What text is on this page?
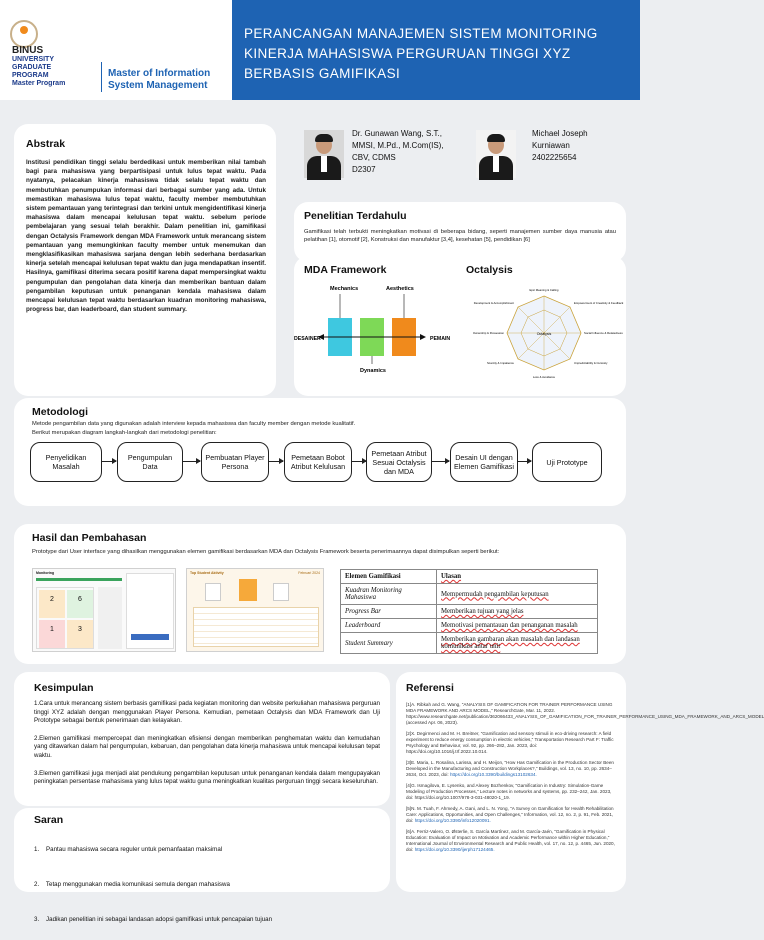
BINUS
UNIVERSITY
GRADUATE
PROGRAM
Master Program
Master of Information
System Management
PERANCANGAN MANAJEMEN SISTEM MONITORING KINERJA MAHASISWA PERGURUAN TINGGI XYZ BERBASIS GAMIFIKASI
Abstrak

Institusi pendidikan tinggi selalu berdedikasi untuk memberikan nilai tambah bagi para mahasiswa yang berpartisipasi untuk lulus tepat waktu. Pada nyatanya, pelacakan kinerja mahasiswa tidak selalu tepat waktu dan membutuhkan penumpukan informasi dari berbagai sumber yang ada. Untuk memastikan mahasiswa lulus tepat waktu, faculty member membutuhkan sistem pemantauan yang terintegrasi dan terkini untuk mengidentifikasi kinerja mahasiswa dalam mencapai kelulusan tepat waktu. sebelum periode pembelajaran yang sesuai telah berakhir. Dalam penelitian ini, gamifikasi dengan Octalysis Framework dengan MDA Framework untuk merancang sistem pemantauan yang memungkinkan faculty member untuk menemukan dan mengklasifikasikan mahasiswa sarjana dengan lebih sederhana berdasarkan kinerja setelah mencapai kelulusan tepat waktu dan juga mendapatkan insentif. Hasilnya, gamifikasi diterima secara positif karena dapat mempersingkat waktu pengumpulan dan pengolahan data kinerja dan memberikan bantuan dalam pengambilan keputusan untuk penanganan kendala mahasiswa dalam mencapai kelulusan tepat waktu berdasarkan kuadran monitoring mahasiswa, progress bar, dan leaderboard, dan student summary.

Dr. Gunawan Wang, S.T.,
MMSI, M.Pd., M.Com(IS),
CBV, CDMS
D2307
Michael Joseph
Kurniawan
2402225654
Penelitian Terdahulu

Gamifikasi telah terbukti meningkatkan motivasi di beberapa bidang, seperti manajemen sumber daya manusia atau pelatihan [1], otomotif [2], Konstruksi dan manufaktur [3,4], kesehatan [5], pendidikan [6]

MDA Framework	Octalysis
Mechanics	Aesthetics
DESAINER	PEMAIN
Dynamics
Octalysis
Epic Meaning & Calling
Empowerment of Creativity & Feedback
Social Influence & Relatedness
Unpredictability & Curiosity
Loss & Avoidance
Scarcity & Impatience
Ownership & Possession
Development & Accomplishment
Metodologi

Metode pengambilan data yang digunakan adalah interview kepada mahasiswa dan faculty member dengan metode kualitatif.

Berikut merupakan diagram langkah-langkah dari metodologi penelitian:

Penyelidikan Masalah
Pengumpulan Data
Pembuatan Player Persona
Pemetaan Bobot Atribut Kelulusan
Pemetaan Atribut Sesuai Octalysis dan MDA
Desain UI dengan Elemen Gamifikasi	Uji Prototype
Hasil dan Pembahasan

Prototype dari User interface yang dihasilkan menggunakan elemen gamifikasi berdasarkan MDA dan Octalysis Framework beserta penerimaannya dapat disimpulkan seperti berikut:

Monitoring
2	6
1	3
Top Student Aktivity	Februari 2024	Elemen Gamifikasi	Ulasan
Kuadran Monitoring Mahasiswa	Mempermudah pengambilan keputusan
Progress Bar	Memberikan tujuan yang jelas
Leaderboard	Memotivasi pemantauan dan penanganan masalah
Student Summary	Memberikan gambaran akan masalah dan landasan komunikasi antar unit
Kesimpulan

1.Cara untuk merancang sistem berbasis gamifikasi pada kegiatan monitoring dan website perkuliahan mahasiswa perguruan tinggi XYZ adalah dengan menggunakan Player Persona. Kemudian, pemetaan Octalysis dan MDA Framework dan Uji Prototype sebagai bentuk penerimaan dan kelayakan.

2.Elemen gamifikasi mempercepat dan meningkatkan efisiensi dengan memberikan penghematan waktu dan kemudahan yang ditawarkan dalam hal pengumpulan, kebaruan, dan pengolahan data kinerja mahasiswa untuk mencapai kelulusan tepat waktu.

3.Elemen gamifikasi juga menjadi alat pendukung pengambilan keputusan untuk penanganan kendala dalam mengupayakan peningkatan persentase mahasiswa yang lulus tepat waktu guna meningkatkan kualitas perguruan tinggi secara keseluruhan.

Saran

1.    Pantau mahasiswa secara reguler untuk pemanfaatan maksimal

2.    Tetap menggunakan media komunikasi semula dengan mahasiswa

3.    Jadikan penelitian ini sebagai landasan adopsi gamifikasi untuk pencapaian tujuan

Referensi

[1]A. Ribkah and G. Wang, "ANALYSIS OF GAMIFICATION FOR TRAINER PERFORMANCE USING MDA FRAMEWORK AND ARCS MODEL," ResearchGate, Mar. 11, 2022. https://www.researchgate.net/publication/362066433_ANALYSIS_OF_GAMIFICATION_FOR_TRAINER_PERFORMANCE_USING_MDA_FRAMEWORK_AND_ARCS_MODEL (accessed Apr. 06, 2023).

[2]X. Degirmenci and M. H. Breitner, "Gamification and sensory stimuli in eco-driving research: A field experiment to reduce energy consumption in electric vehicles," Transportation Research Part F: Traffic Psychology and Behaviour, vol. 92, pp. 266–282, Jan. 2023, doi: https://doi.org/10.1016/j.trf.2022.10.014.

[3]E. Maria, L. Rosalina, Larissa, and H. Meijon, "How Has Gamification in the Production Sector Been Developed in the Manufacturing and Construction Workplaces?," Buildings, vol. 13, no. 10, pp. 2634–2634, Oct. 2023, doi: https://doi.org/10.3390/buildings13102634.

[4]G. Ismagilova, E. Lysenko, and Alexey Bozhenkov, "Gamification in Industry: Simulation-Game Modeling of Production Processes," Lecture notes in networks and systems, pp. 232–242, Jan. 2023, doi: https://doi.org/10.1007/978-3-031-48020-1_19.

[5]N. M. Tuah, F. Ahmedy, A. Gani, and L. N. Yong, "A Survey on Gamification for Health Rehabilitation Care: Applications, Opportunities, and Open Challenges," Information, vol. 12, no. 2, p. 91, Feb. 2021, doi: https://doi.org/10.3390/info12020091.

[6]A. Ferriz-Valero, O. Østerlie, S. García Martínez, and M. García-Jaén, "Gamification in Physical Education: Evaluation of Impact on Motivation and Academic Performance within Higher Education," International Journal of Environmental Research and Public Health, vol. 17, no. 12, p. 4465, Jun. 2020, doi: https://doi.org/10.3390/ijerph17124465.
